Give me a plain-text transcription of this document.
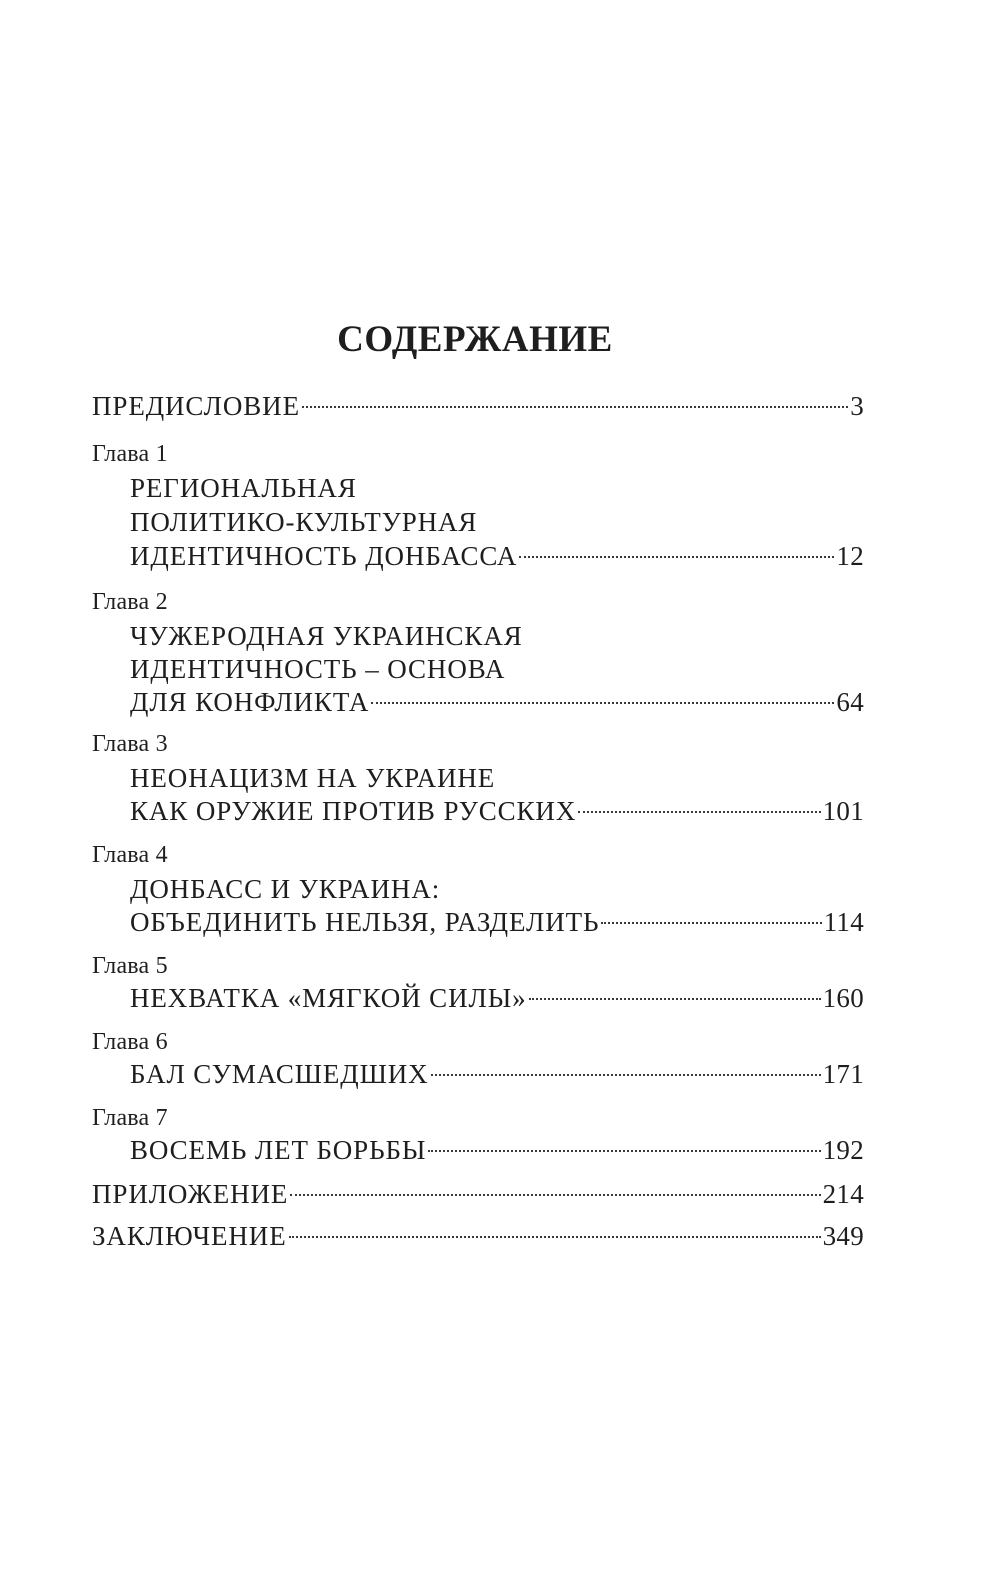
СОДЕРЖАНИЕ
ПРЕДИСЛОВИЕ	3
Глава 1
РЕГИОНАЛЬНАЯ
ПОЛИТИКО-КУЛЬТУРНАЯ
ИДЕНТИЧНОСТЬ ДОНБАССА	12
Глава 2
ЧУЖЕРОДНАЯ УКРАИНСКАЯ
ИДЕНТИЧНОСТЬ – ОСНОВА
ДЛЯ КОНФЛИКТА	64
Глава 3
НЕОНАЦИЗМ НА УКРАИНЕ
КАК ОРУЖИЕ ПРОТИВ РУССКИХ	101
Глава 4
ДОНБАСС И УКРАИНА:
ОБЪЕДИНИТЬ НЕЛЬЗЯ, РАЗДЕЛИТЬ	114
Глава 5
НЕХВАТКА «МЯГКОЙ СИЛЫ»	160
Глава 6
БАЛ СУМАСШЕДШИХ	171
Глава 7
ВОСЕМЬ ЛЕТ БОРЬБЫ	192
ПРИЛОЖЕНИЕ	214
ЗАКЛЮЧЕНИЕ	349
